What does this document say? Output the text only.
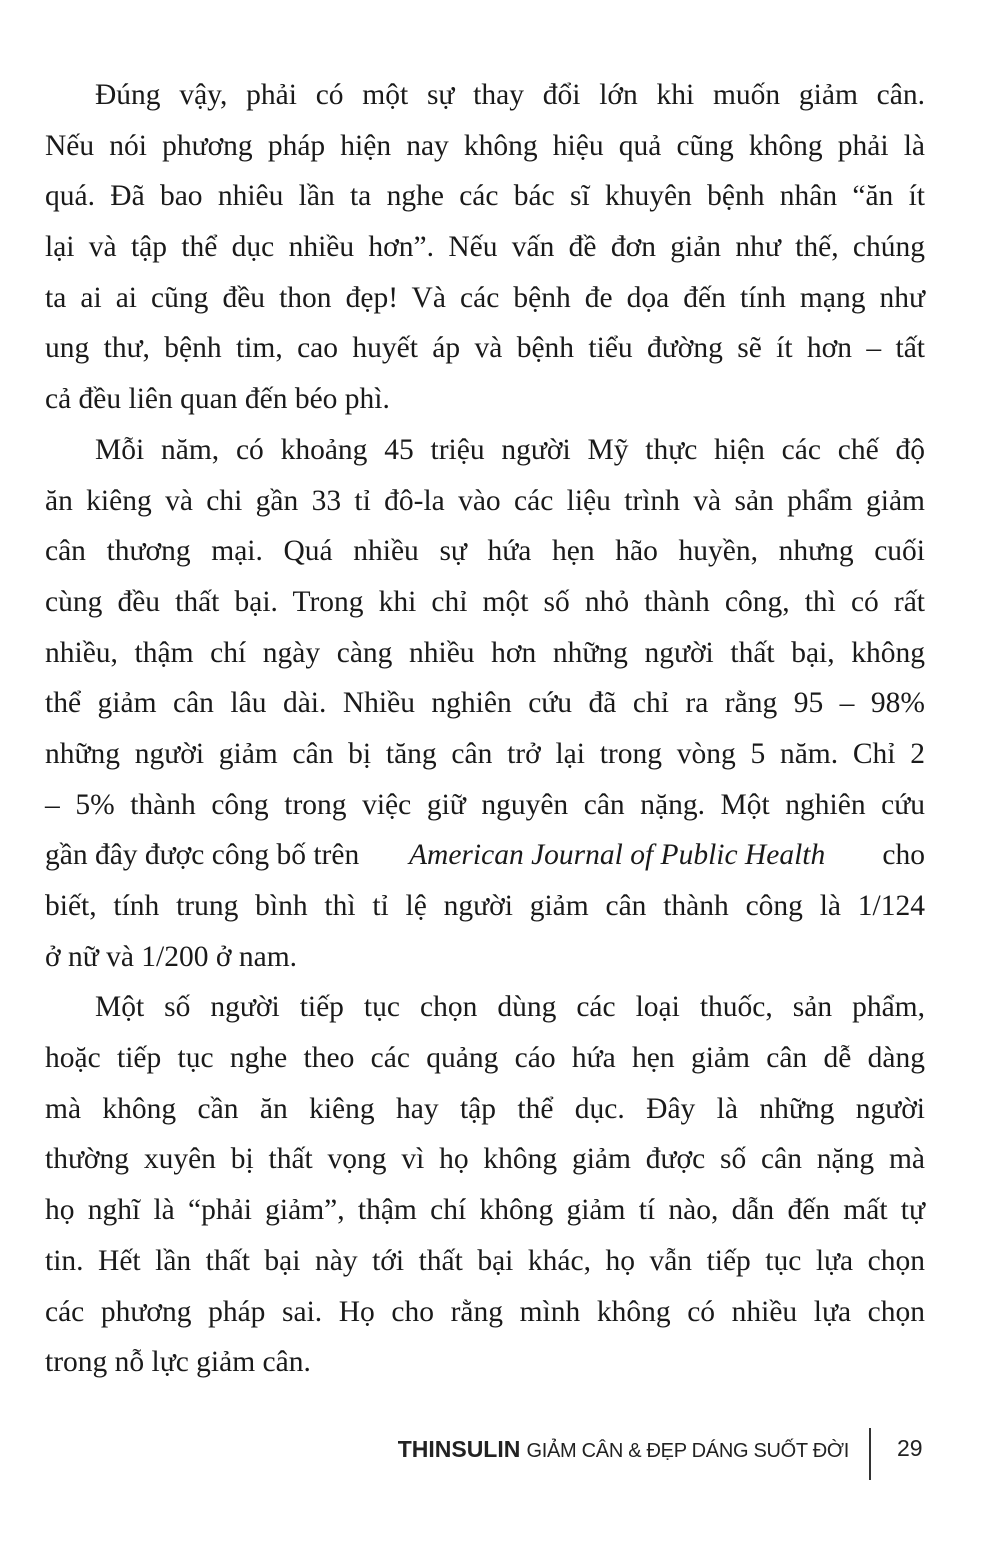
Đúng vậy, phải có một sự thay đổi lớn khi muốn giảm cân.
Nếu nói phương pháp hiện nay không hiệu quả cũng không phải là
quá. Đã bao nhiêu lần ta nghe các bác sĩ khuyên bệnh nhân “ăn ít
lại và tập thể dục nhiều hơn”. Nếu vấn đề đơn giản như thế, chúng
ta ai ai cũng đều thon đẹp! Và các bệnh đe dọa đến tính mạng như
ung thư, bệnh tim, cao huyết áp và bệnh tiểu đường sẽ ít hơn – tất
cả đều liên quan đến béo phì.
Mỗi năm, có khoảng 45 triệu người Mỹ thực hiện các chế độ
ăn kiêng và chi gần 33 tỉ đô-la vào các liệu trình và sản phẩm giảm
cân thương mại. Quá nhiều sự hứa hẹn hão huyền, nhưng cuối
cùng đều thất bại. Trong khi chỉ một số nhỏ thành công, thì có rất
nhiều, thậm chí ngày càng nhiều hơn những người thất bại, không
thể giảm cân lâu dài. Nhiều nghiên cứu đã chỉ ra rằng 95 – 98%
những người giảm cân bị tăng cân trở lại trong vòng 5 năm. Chỉ 2
– 5% thành công trong việc giữ nguyên cân nặng. Một nghiên cứu
gần đây được công bố trên American Journal of Public Health cho
biết, tính trung bình thì tỉ lệ người giảm cân thành công là 1/124
ở nữ và 1/200 ở nam.
Một số người tiếp tục chọn dùng các loại thuốc, sản phẩm,
hoặc tiếp tục nghe theo các quảng cáo hứa hẹn giảm cân dễ dàng
mà không cần ăn kiêng hay tập thể dục. Đây là những người
thường xuyên bị thất vọng vì họ không giảm được số cân nặng mà
họ nghĩ là “phải giảm”, thậm chí không giảm tí nào, dẫn đến mất tự
tin. Hết lần thất bại này tới thất bại khác, họ vẫn tiếp tục lựa chọn
các phương pháp sai. Họ cho rằng mình không có nhiều lựa chọn
trong nỗ lực giảm cân.
THINSULIN GIẢM CÂN & ĐẸP DÁNG SUỐT ĐỜI 29
